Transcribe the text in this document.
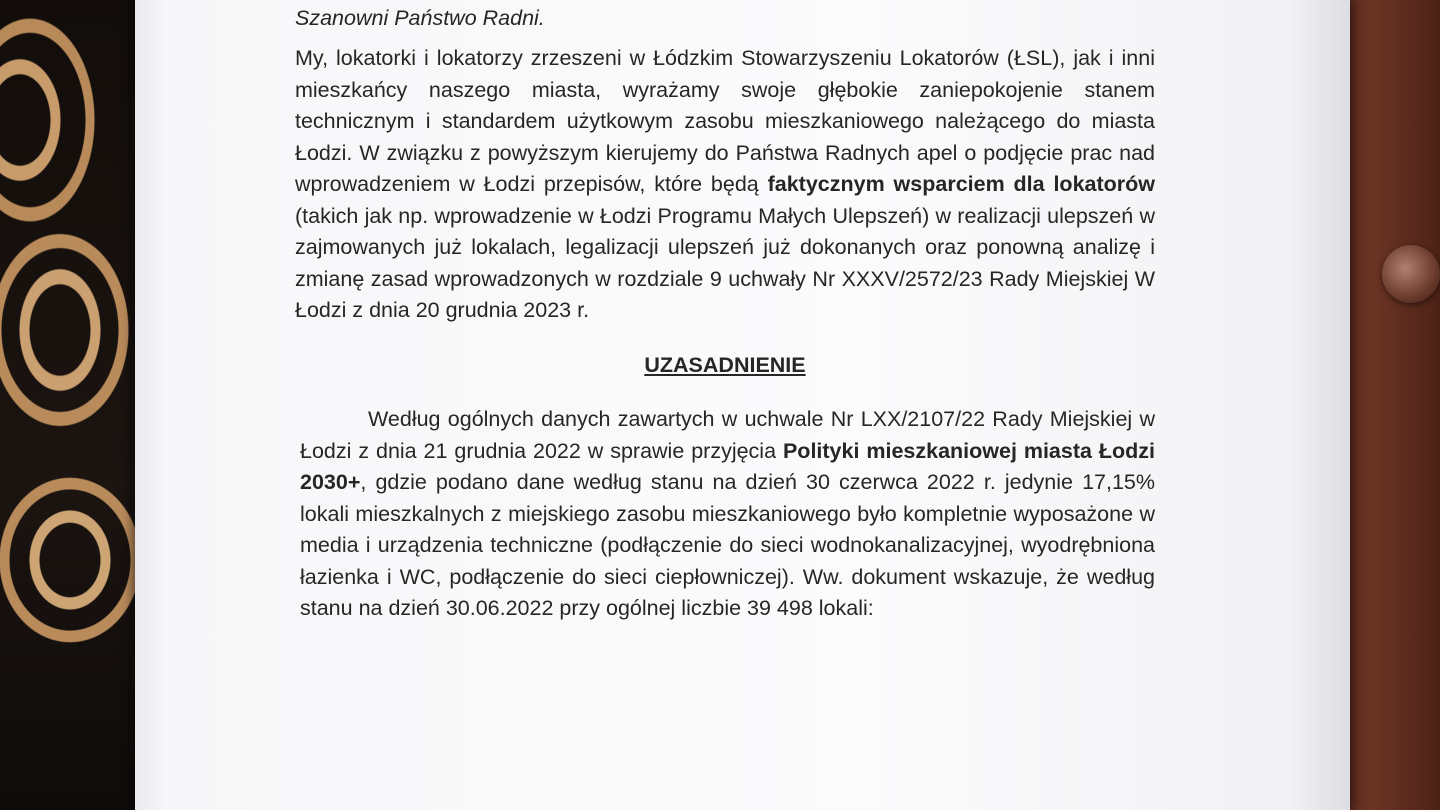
Szanowni Państwo Radni.
My, lokatorki i lokatorzy zrzeszeni w Łódzkim Stowarzyszeniu Lokatorów (ŁSL), jak i inni mieszkańcy naszego miasta, wyrażamy swoje głębokie zaniepokojenie stanem technicznym i standardem użytkowym zasobu mieszkaniowego należącego do miasta Łodzi. W związku z powyższym kierujemy do Państwa Radnych apel o podjęcie prac nad wprowadzeniem w Łodzi przepisów, które będą faktycznym wsparciem dla lokatorów (takich jak np. wprowadzenie w Łodzi Programu Małych Ulepszeń) w realizacji ulepszeń w zajmowanych już lokalach, legalizacji ulepszeń już dokonanych oraz ponowną analizę i zmianę zasad wprowadzonych w rozdziale 9 uchwały Nr XXXV/2572/23 Rady Miejskiej W Łodzi z dnia 20 grudnia 2023 r.
UZASADNIENIE
Według ogólnych danych zawartych w uchwale Nr LXX/2107/22 Rady Miejskiej w Łodzi z dnia 21 grudnia 2022 w sprawie przyjęcia Polityki mieszkaniowej miasta Łodzi 2030+, gdzie podano dane według stanu na dzień 30 czerwca 2022 r. jedynie 17,15% lokali mieszkalnych z miejskiego zasobu mieszkaniowego było kompletnie wyposażone w media i urządzenia techniczne (podłączenie do sieci wodnokanalizacyjnej, wyodrębniona łazienka i WC, podłączenie do sieci ciepłowniczej). Ww. dokument wskazuje, że według stanu na dzień 30.06.2022 przy ogólnej liczbie 39 498 lokali:
